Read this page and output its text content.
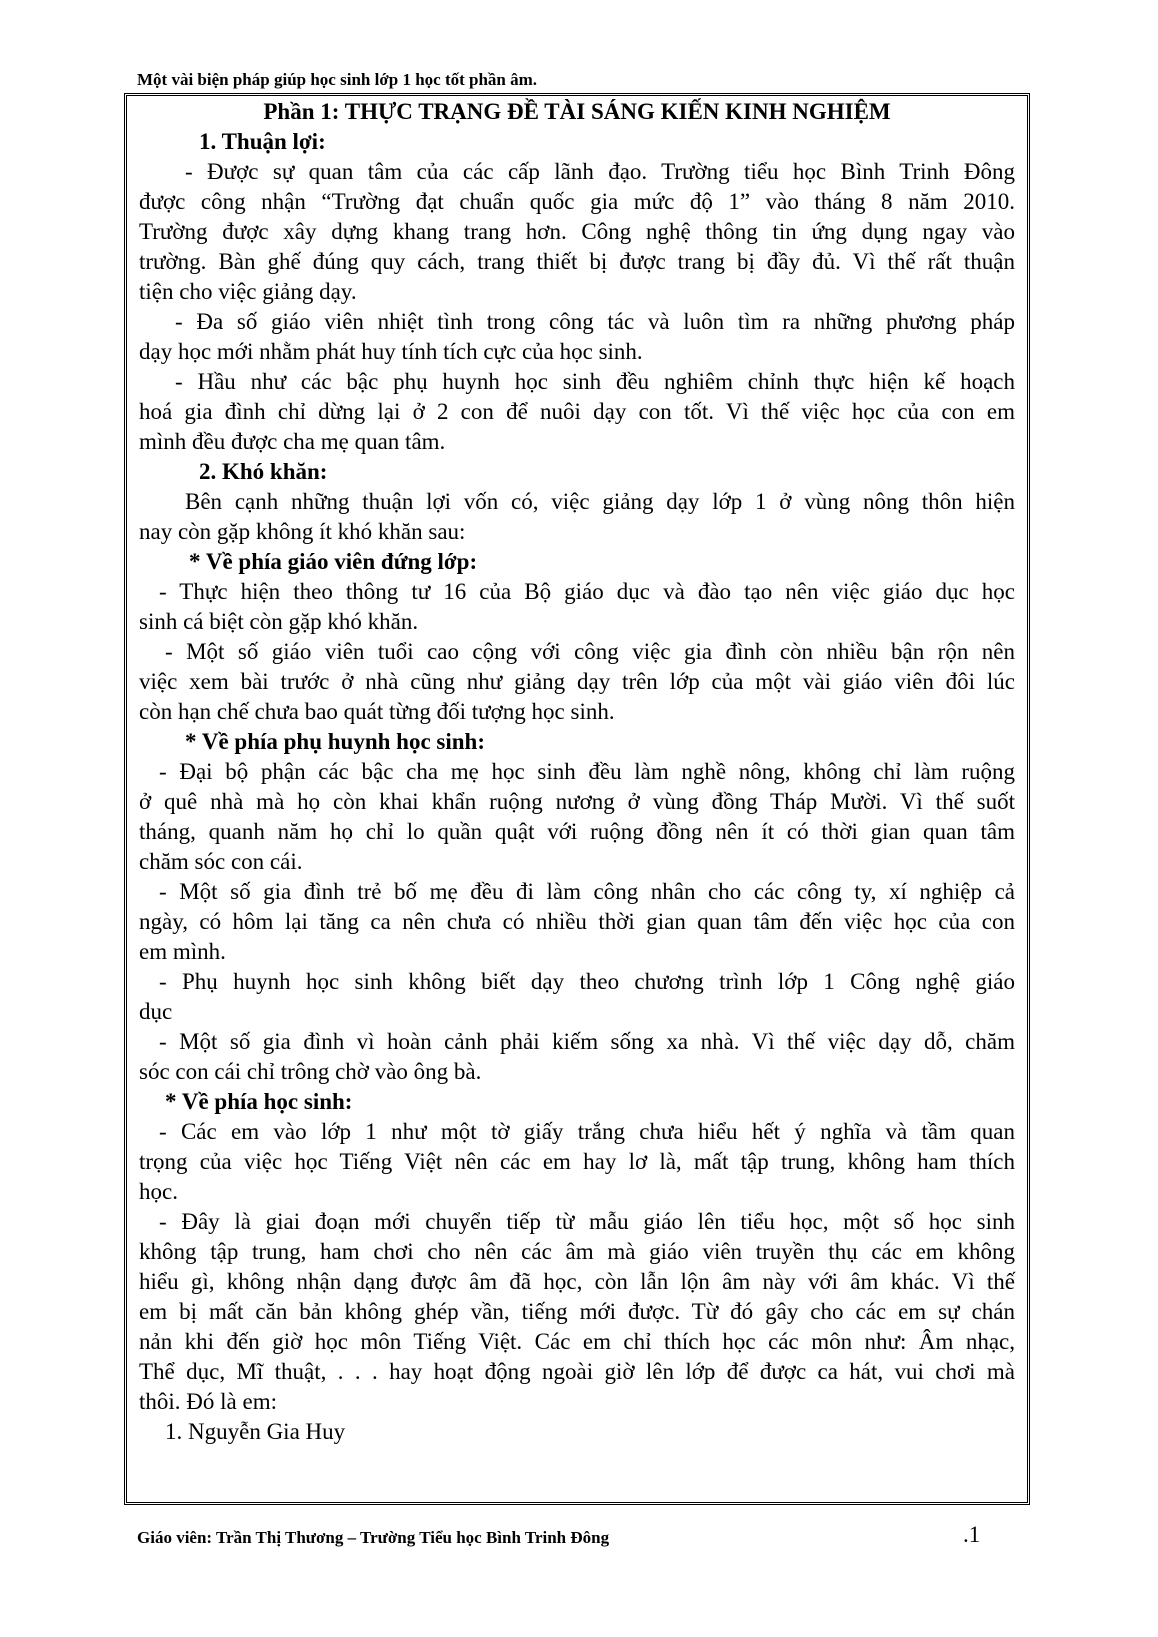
Một vài biện pháp giúp học sinh lớp 1 học tốt phần âm.

Phần 1: THỰC TRẠNG ĐỀ TÀI SÁNG KIẾN KINH NGHIỆM

1. Thuận lợi:

- Được sự quan tâm của các cấp lãnh đạo. Trường tiểu học Bình Trinh Đông

được công nhận “Trường đạt chuẩn quốc gia mức độ 1” vào tháng 8 năm 2010.

Trường được xây dựng khang trang hơn. Công nghệ thông tin ứng dụng ngay vào

trường. Bàn ghế đúng quy cách, trang thiết bị được trang bị đầy đủ. Vì thế rất thuận

tiện cho việc giảng dạy.

- Đa số giáo viên nhiệt tình trong công tác và luôn tìm ra những phương pháp

dạy học mới nhằm phát huy tính tích cực của học sinh.

- Hầu như các bậc phụ huynh học sinh đều nghiêm chỉnh thực hiện kế hoạch

hoá gia đình chỉ dừng lại ở 2 con để nuôi dạy con tốt. Vì thế việc học của con em

mình đều được cha mẹ quan tâm.

2. Khó khăn:

Bên cạnh những thuận lợi vốn có, việc giảng dạy lớp 1 ở vùng nông thôn hiện

nay còn gặp không ít khó khăn sau:

* Về phía giáo viên đứng lớp:

- Thực hiện theo thông tư 16 của Bộ giáo dục và đào tạo nên việc giáo dục học

sinh cá biệt còn gặp khó khăn.

- Một số giáo viên tuổi cao cộng với công việc gia đình còn nhiều bận rộn nên

việc xem bài trước ở nhà cũng như giảng dạy trên lớp của một vài giáo viên đôi lúc

còn hạn chế chưa bao quát từng đối tượng học sinh.

* Về phía phụ huynh học sinh:

- Đại bộ phận các bậc cha mẹ học sinh đều làm nghề nông, không chỉ làm ruộng

ở quê nhà mà họ còn khai khẩn ruộng nương ở vùng đồng Tháp Mười. Vì thế suốt

tháng, quanh năm họ chỉ lo quần quật với ruộng đồng nên ít có thời gian quan tâm

chăm sóc con cái.

- Một số gia đình trẻ bố mẹ đều đi làm công nhân cho các công ty, xí nghiệp cả

ngày, có hôm lại tăng ca nên chưa có nhiều thời gian quan tâm đến việc học của con

em mình.

- Phụ huynh học sinh không biết dạy theo chương trình lớp 1 Công nghệ giáo

dục

- Một số gia đình vì hoàn cảnh phải kiếm sống xa nhà. Vì thế việc dạy dỗ, chăm

sóc con cái chỉ trông chờ vào ông bà.

* Về phía học sinh:

- Các em vào lớp 1 như một tờ giấy trắng chưa hiểu hết ý nghĩa và tầm quan

trọng của việc học Tiếng Việt nên các em hay lơ là, mất tập trung, không ham thích

học.

- Đây là giai đoạn mới chuyển tiếp từ mẫu giáo lên tiểu học, một số học sinh

không tập trung, ham chơi cho nên các âm mà giáo viên truyền thụ các em không

hiểu gì, không nhận dạng được âm đã học, còn lẫn lộn âm này với âm khác. Vì thế

em bị mất căn bản không ghép vần, tiếng mới được. Từ đó gây cho các em sự chán

nản khi đến giờ học môn Tiếng Việt. Các em chỉ thích học các môn như: Âm nhạc,

Thể dục, Mĩ thuật, . . . hay hoạt động ngoài giờ lên lớp để được ca hát, vui chơi mà

thôi. Đó là em:

1. Nguyễn Gia Huy

Giáo viên: Trần Thị Thương – Trường Tiểu học Bình Trinh Đông	.1
